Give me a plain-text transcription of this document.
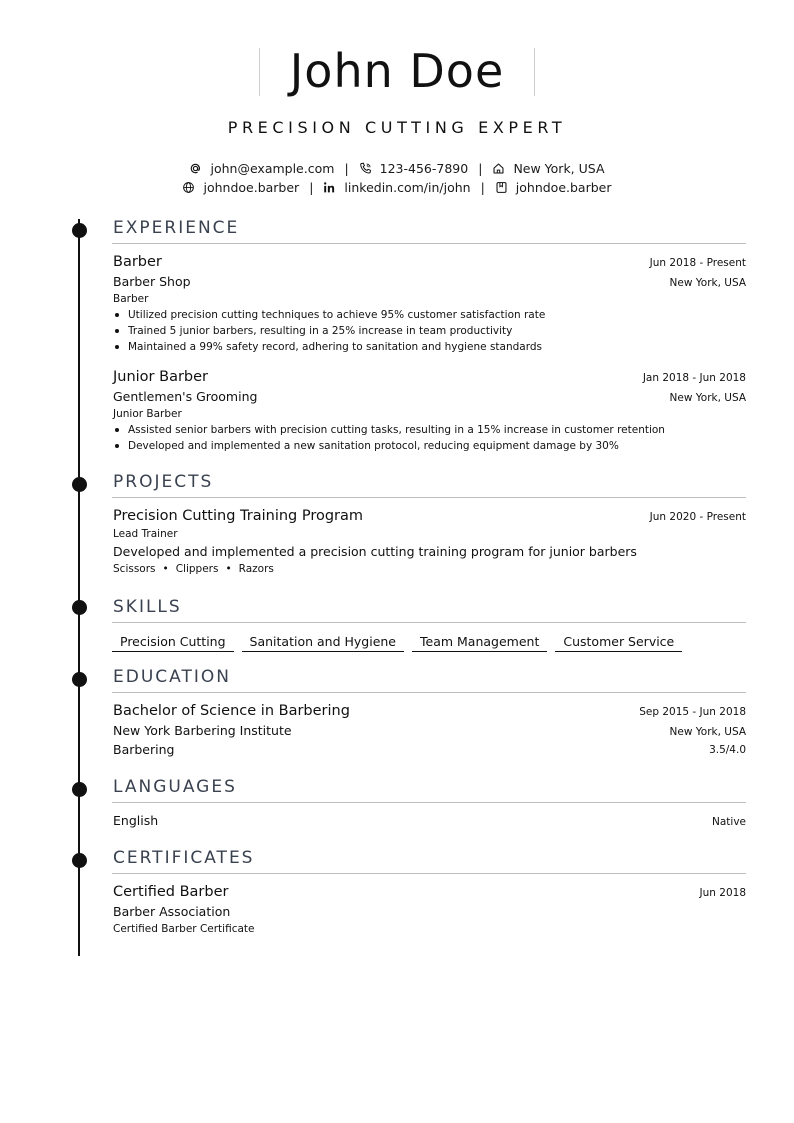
John Doe
PRECISION CUTTING EXPERT
john@example.com | 123-456-7890 | New York, USA
johndoe.barber | linkedin.com/in/john | johndoe.barber
EXPERIENCE
Barber	Jun 2018 - Present
Barber Shop	New York, USA
Barber
Utilized precision cutting techniques to achieve 95% customer satisfaction rate
Trained 5 junior barbers, resulting in a 25% increase in team productivity
Maintained a 99% safety record, adhering to sanitation and hygiene standards
Junior Barber	Jan 2018 - Jun 2018
Gentlemen's Grooming	New York, USA
Junior Barber
Assisted senior barbers with precision cutting tasks, resulting in a 15% increase in customer retention
Developed and implemented a new sanitation protocol, reducing equipment damage by 30%
PROJECTS
Precision Cutting Training Program	Jun 2020 - Present
Lead Trainer
Developed and implemented a precision cutting training program for junior barbers
Scissors • Clippers • Razors
SKILLS
Precision Cutting Sanitation and Hygiene Team Management Customer Service
EDUCATION
Bachelor of Science in Barbering	Sep 2015 - Jun 2018
New York Barbering Institute	New York, USA
Barbering	3.5/4.0
LANGUAGES
English	Native
CERTIFICATES
Certified Barber	Jun 2018
Barber Association
Certified Barber Certificate
